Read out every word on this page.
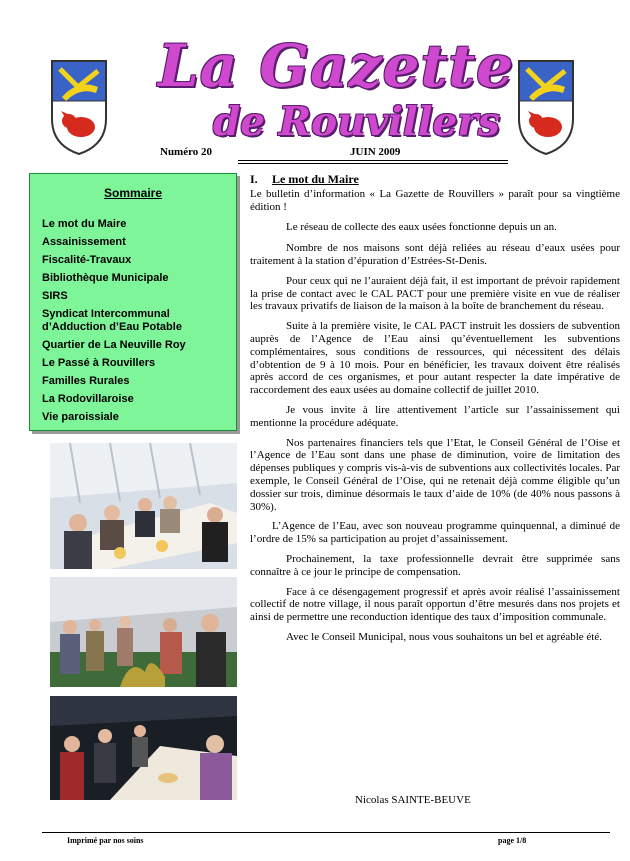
La Gazette
de Rouvillers
Numéro 20	JUIN 2009
Sommaire
Le mot du Maire
Assainissement
Fiscalité-Travaux
Bibliothèque Municipale
SIRS
Syndicat Intercommunal d’Adduction d’Eau Potable
Quartier de La Neuville Roy
Le Passé à Rouvillers
Familles Rurales
La Rodovillaroise
Vie paroissiale
I. Le mot du Maire

Le bulletin d’information « La Gazette de Rouvillers » paraît pour sa vingtième édition !

Le réseau de collecte des eaux usées fonctionne depuis un an.

Nombre de nos maisons sont déjà reliées au réseau d’eaux usées pour traitement à la station d’épuration d’Estrées-St-Denis.

Pour ceux qui ne l’auraient déjà fait, il est important de prévoir rapidement la prise de contact avec le CAL PACT pour une première visite en vue de réaliser les travaux privatifs de liaison de la maison à la boîte de branchement du réseau.

Suite à la première visite, le CAL PACT instruit les dossiers de subvention auprès de l’Agence de l’Eau ainsi qu’éventuellement les subventions complémentaires, sous conditions de ressources, qui nécessitent des délais d’obtention de 9 à 10 mois. Pour en bénéficier, les travaux doivent être réalisés après accord de ces organismes, et pour autant respecter la date impérative de raccordement des eaux usées au domaine collectif de juillet 2010.

Je vous invite à lire attentivement l’article sur l’assainissement qui mentionne la procédure adéquate.

Nos partenaires financiers tels que l’Etat, le Conseil Général de l’Oise et l’Agence de l’Eau sont dans une phase de diminution, voire de limitation des dépenses publiques y compris vis-à-vis de subventions aux collectivités locales. Par exemple, le Conseil Général de l’Oise, qui ne retenait déjà comme éligible qu’un dossier sur trois, diminue désormais le taux d’aide de 10% (de 40% nous passons à 30%).

L’Agence de l’Eau, avec son nouveau programme quinquennal, a diminué de l’ordre de 15% sa participation au projet d’assainissement.

Prochainement, la taxe professionnelle devrait être supprimée sans connaître à ce jour le principe de compensation.

Face à ce désengagement progressif et après avoir réalisé l’assainissement collectif de notre village, il nous paraît opportun d’être mesurés dans nos projets et ainsi de permettre une reconduction identique des taux d’imposition communale.

Avec le Conseil Municipal, nous vous souhaitons un bel et agréable été.

Nicolas SAINTE-BEUVE
Imprimé par nos soins	page 1/8
